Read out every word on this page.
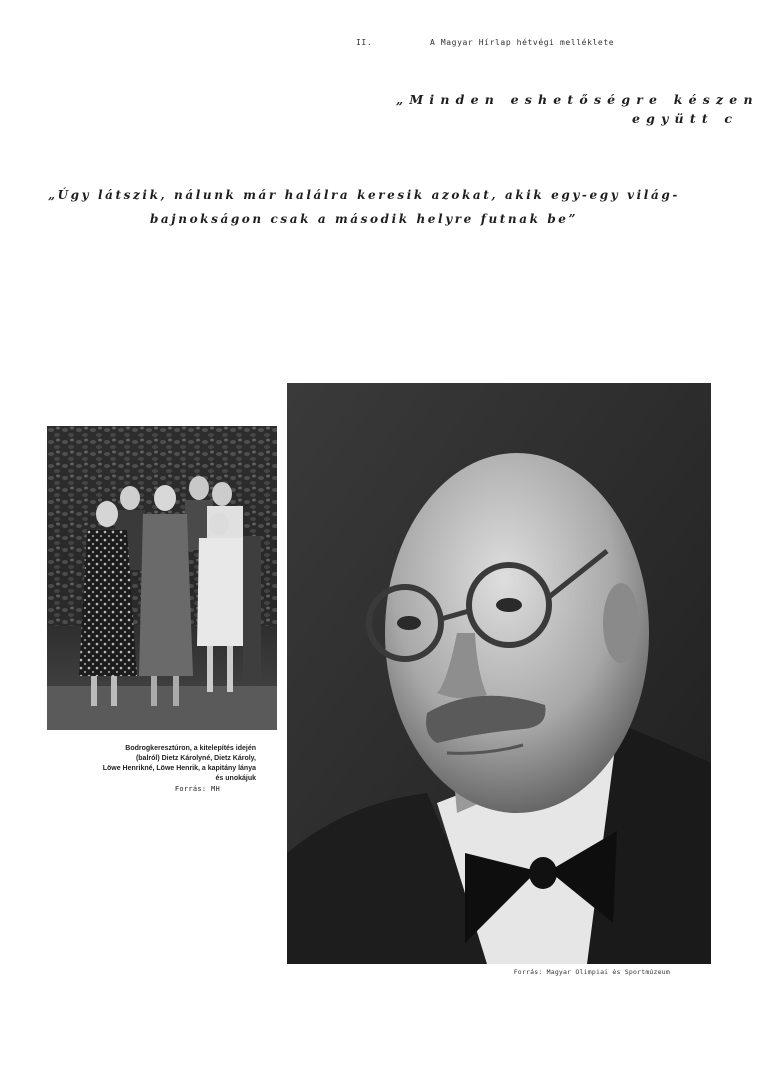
II.	A Magyar Hírlap hétvégi melléklete
„Minden eshetőségre készen
együtt c
„Úgy látszik, nálunk már halálra keresik azokat, akik egy-egy világ-
bajnokságon csak a második helyre futnak be”
Bodrogkeresztúron, a kitelepítés idején
(balról) Dietz Károlyné, Dietz Károly,
Löwe Henrikné, Löwe Henrik, a kapitány lánya
és unokájuk
Forrás: MH
Forrás: Magyar Olimpiai és Sportmúzeum
